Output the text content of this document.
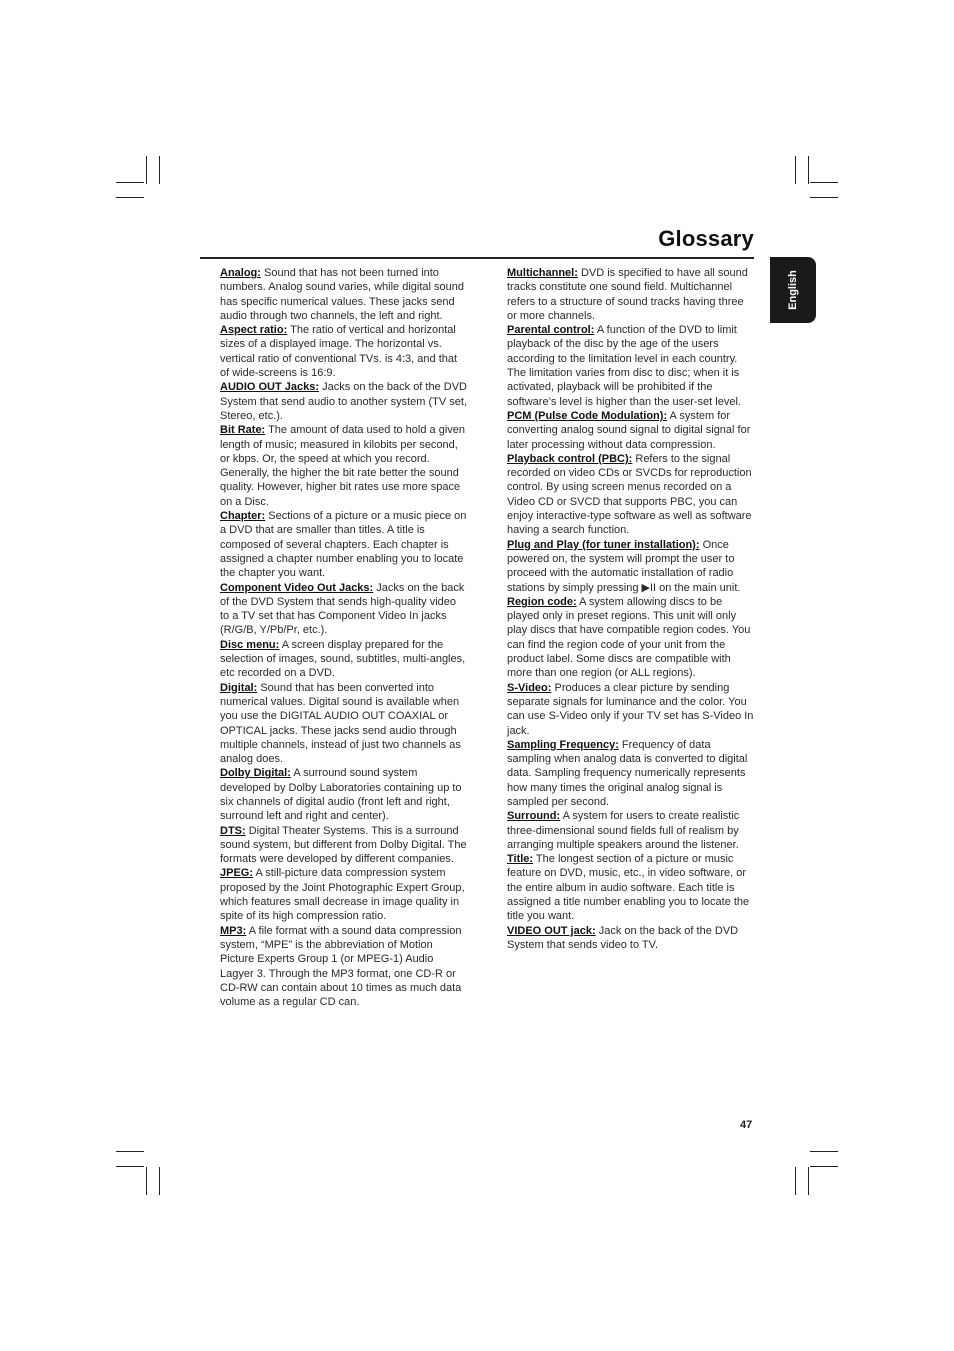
Glossary
English

Analog: Sound that has not been turned into numbers. Analog sound varies, while digital sound has specific numerical values. These jacks send audio through two channels, the left and right.

Aspect ratio: The ratio of vertical and horizontal sizes of a displayed image. The horizontal vs. vertical ratio of conventional TVs. is 4:3, and that of wide-screens is 16:9.

AUDIO OUT Jacks: Jacks on the back of the DVD System that send audio to another system (TV set, Stereo, etc.).

Bit Rate: The amount of data used to hold a given length of music; measured in kilobits per second, or kbps. Or, the speed at which you record. Generally, the higher the bit rate better the sound quality. However, higher bit rates use more space on a Disc.

Chapter: Sections of a picture or a music piece on a DVD that are smaller than titles. A title is composed of several chapters. Each chapter is assigned a chapter number enabling you to locate the chapter you want.

Component Video Out Jacks: Jacks on the back of the DVD System that sends high-quality video to a TV set that has Component Video In jacks (R/G/B, Y/Pb/Pr, etc.).

Disc menu: A screen display prepared for the selection of images, sound, subtitles, multi-angles, etc recorded on a DVD.

Digital: Sound that has been converted into numerical values. Digital sound is available when you use the DIGITAL AUDIO OUT COAXIAL or OPTICAL jacks. These jacks send audio through multiple channels, instead of just two channels as analog does.

Dolby Digital: A surround sound system developed by Dolby Laboratories containing up to six channels of digital audio (front left and right, surround left and right and center).

DTS: Digital Theater Systems. This is a surround sound system, but different from Dolby Digital. The formats were developed by different companies.

JPEG: A still-picture data compression system proposed by the Joint Photographic Expert Group, which features small decrease in image quality in spite of its high compression ratio.

MP3: A file format with a sound data compression system, “MPE” is the abbreviation of Motion Picture Experts Group 1 (or MPEG-1) Audio Lagyer 3. Through the MP3 format, one CD-R or CD-RW can contain about 10 times as much data volume as a regular CD can.

Multichannel: DVD is specified to have all sound tracks constitute one sound field. Multichannel refers to a structure of sound tracks having three or more channels.

Parental control: A function of the DVD to limit playback of the disc by the age of the users according to the limitation level in each country. The limitation varies from disc to disc; when it is activated, playback will be prohibited if the software’s level is higher than the user-set level.

PCM (Pulse Code Modulation): A system for converting analog sound signal to digital signal for later processing without data compression.

Playback control (PBC): Refers to the signal recorded on video CDs or SVCDs for reproduction control. By using screen menus recorded on a Video CD or SVCD that supports PBC, you can enjoy interactive-type software as well as software having a search function.

Plug and Play (for tuner installation): Once powered on, the system will prompt the user to proceed with the automatic installation of radio stations by simply pressing ▶II on the main unit.

Region code: A system allowing discs to be played only in preset regions. This unit will only play discs that have compatible region codes. You can find the region code of your unit from the product label. Some discs are compatible with more than one region (or ALL regions).

S-Video: Produces a clear picture by sending separate signals for luminance and the color. You can use S-Video only if your TV set has S-Video In jack.

Sampling Frequency: Frequency of data sampling when analog data is converted to digital data. Sampling frequency numerically represents how many times the original analog signal is sampled per second.

Surround: A system for users to create realistic three-dimensional sound fields full of realism by arranging multiple speakers around the listener.

Title: The longest section of a picture or music feature on DVD, music, etc., in video software, or the entire album in audio software. Each title is assigned a title number enabling you to locate the title you want.

VIDEO OUT jack: Jack on the back of the DVD System that sends video to TV.

47
